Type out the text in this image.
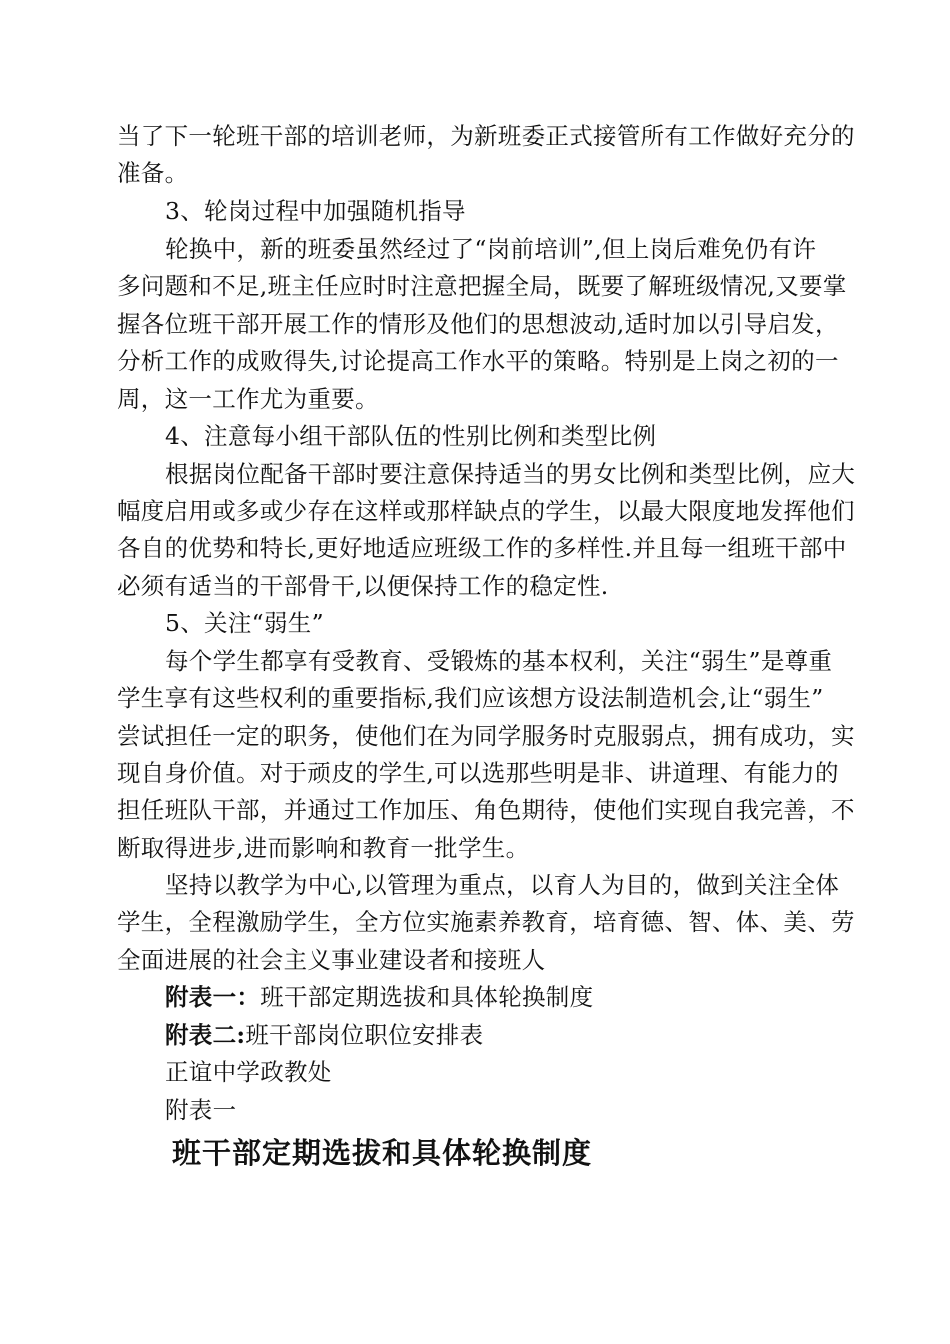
当了下一轮班干部的培训老师，为新班委正式接管所有工作做好充分的
准备。
3、轮岗过程中加强随机指导
轮换中，新的班委虽然经过了“岗前培训”,但上岗后难免仍有许
多问题和不足,班主任应时时注意把握全局，既要了解班级情况,又要掌
握各位班干部开展工作的情形及他们的思想波动,适时加以引导启发，
分析工作的成败得失,讨论提高工作水平的策略。特别是上岗之初的一
周，这一工作尤为重要。
4、注意每小组干部队伍的性别比例和类型比例
根据岗位配备干部时要注意保持适当的男女比例和类型比例，应大
幅度启用或多或少存在这样或那样缺点的学生，以最大限度地发挥他们
各自的优势和特长,更好地适应班级工作的多样性.并且每一组班干部中
必须有适当的干部骨干,以便保持工作的稳定性.
5、关注“弱生”
每个学生都享有受教育、受锻炼的基本权利，关注“弱生”是尊重
学生享有这些权利的重要指标,我们应该想方设法制造机会,让“弱生”
尝试担任一定的职务，使他们在为同学服务时克服弱点，拥有成功，实
现自身价值。对于顽皮的学生,可以选那些明是非、讲道理、有能力的
担任班队干部，并通过工作加压、角色期待，使他们实现自我完善，不
断取得进步,进而影响和教育一批学生。
坚持以教学为中心,以管理为重点，以育人为目的，做到关注全体
学生，全程激励学生，全方位实施素养教育，培育德、智、体、美、劳
全面进展的社会主义事业建设者和接班人
附表一：班干部定期选拔和具体轮换制度
附表二:班干部岗位职位安排表
正谊中学政教处
附表一
班干部定期选拔和具体轮换制度
